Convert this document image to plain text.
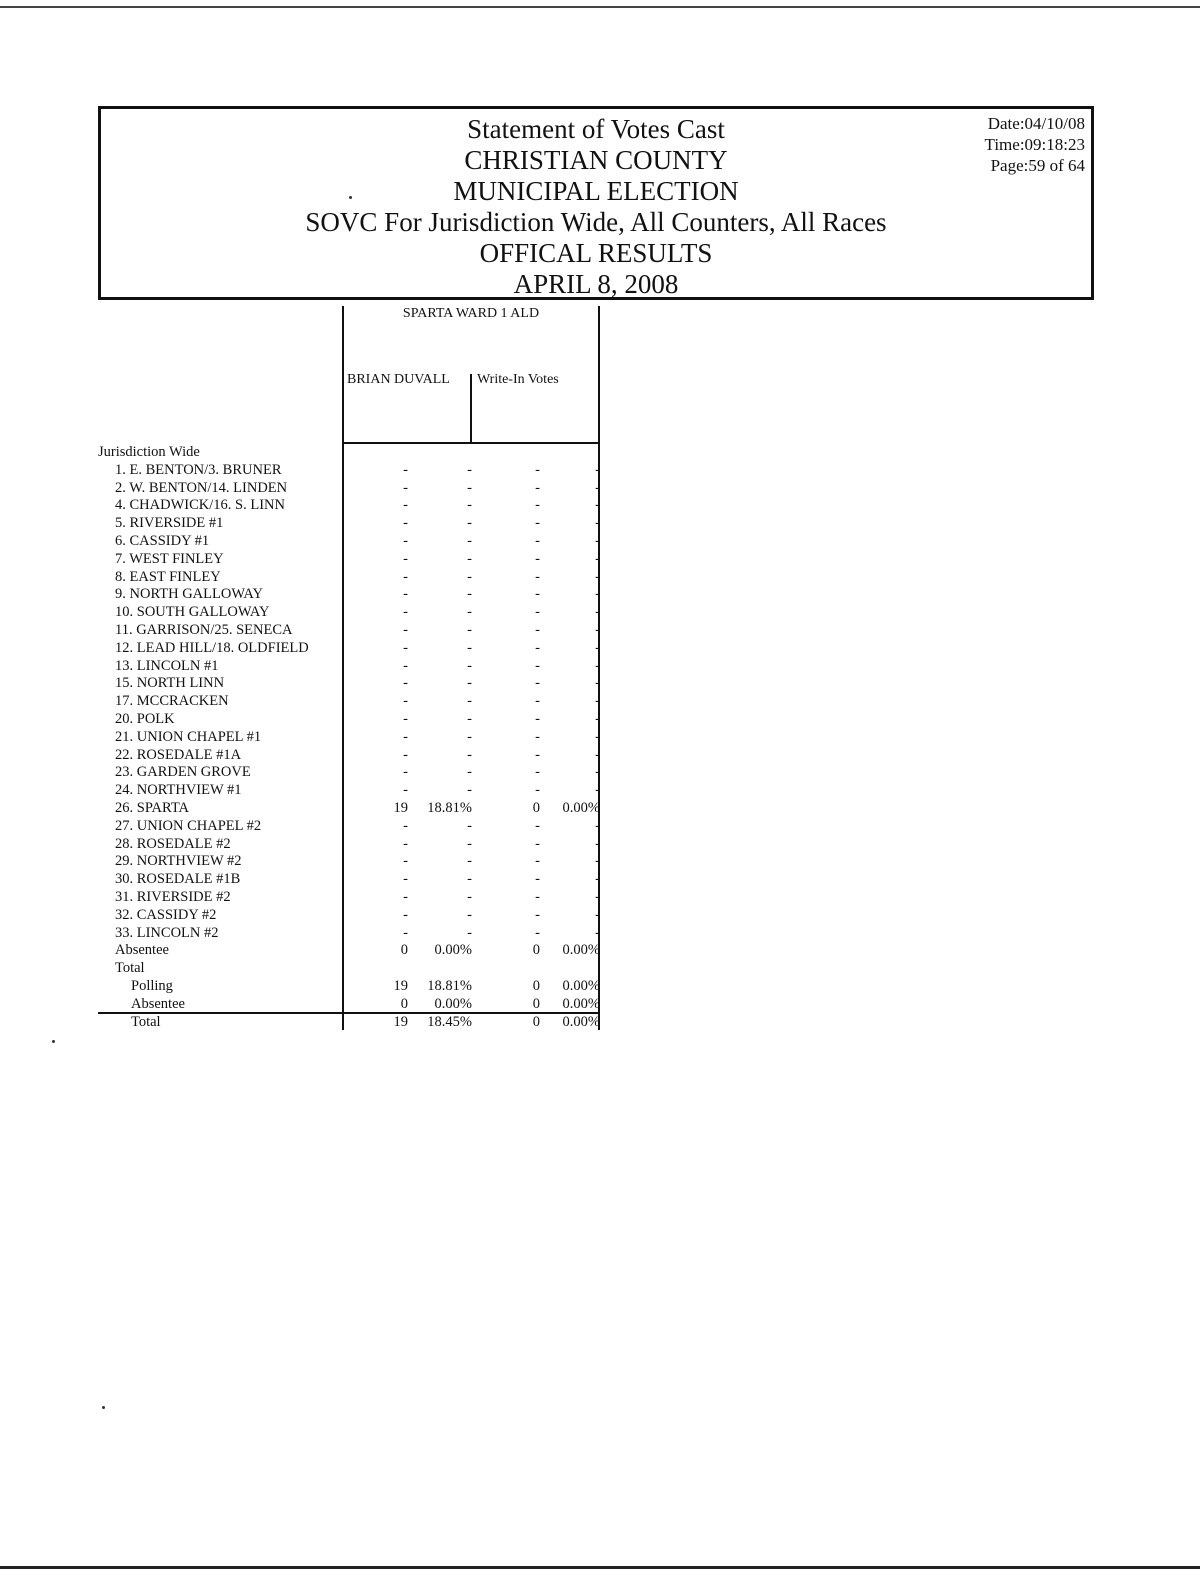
Statement of Votes Cast
CHRISTIAN COUNTY
MUNICIPAL ELECTION
SOVC For Jurisdiction Wide, All Counters, All Races
OFFICAL RESULTS
APRIL 8, 2008
Date:04/10/08
Time:09:18:23
Page:59 of 64
SPARTA WARD 1 ALD
BRIAN DUVALL Write-In Votes
Jurisdiction Wide
1. E. BENTON/3. BRUNER	-	-	-	-
2. W. BENTON/14. LINDEN	-	-	-	-
4. CHADWICK/16. S. LINN	-	-	-	-
5. RIVERSIDE #1	-	-	-	-
6. CASSIDY #1	-	-	-	-
7. WEST FINLEY	-	-	-	-
8. EAST FINLEY	-	-	-	-
9. NORTH GALLOWAY	-	-	-	-
10. SOUTH GALLOWAY	-	-	-	-
11. GARRISON/25. SENECA	-	-	-	-
12. LEAD HILL/18. OLDFIELD	-	-	-	-
13. LINCOLN #1	-	-	-	-
15. NORTH LINN	-	-	-	-
17. MCCRACKEN	-	-	-	-
20. POLK	-	-	-	-
21. UNION CHAPEL #1	-	-	-	-
22. ROSEDALE #1A	-	-	-	-
23. GARDEN GROVE	-	-	-	-
24. NORTHVIEW #1	-	-	-	-
26. SPARTA	19	18.81%	0	0.00%
27. UNION CHAPEL #2	-	-	-	-
28. ROSEDALE #2	-	-	-	-
29. NORTHVIEW #2	-	-	-	-
30. ROSEDALE #1B	-	-	-	-
31. RIVERSIDE #2	-	-	-	-
32. CASSIDY #2	-	-	-	-
33. LINCOLN #2	-	-	-	-
Absentee	0	0.00%	0	0.00%
Total
Polling	19	18.81%	0	0.00%
Absentee	0	0.00%	0	0.00%
Total	19	18.45%	0	0.00%
